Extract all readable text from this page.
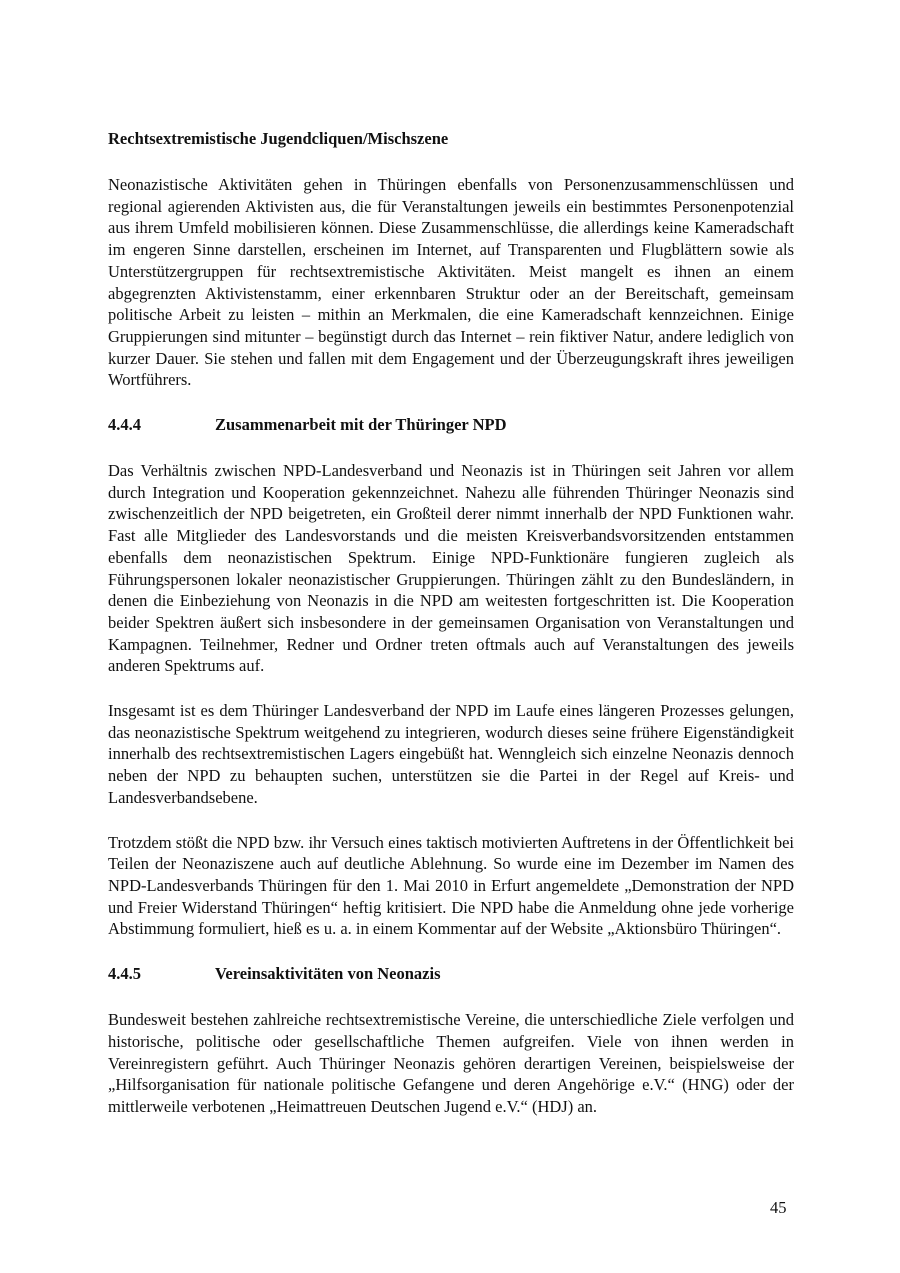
Rechtsextremistische Jugendcliquen/Mischszene

Neonazistische Aktivitäten gehen in Thüringen ebenfalls von Personenzusammenschlüssen und regional agierenden Aktivisten aus, die für Veranstaltungen jeweils ein bestimmtes Personenpotenzial aus ihrem Umfeld mobilisieren können. Diese Zusammenschlüsse, die allerdings keine Kameradschaft im engeren Sinne darstellen, erscheinen im Internet, auf Transparenten und Flugblättern sowie als Unterstützergruppen für rechtsextremistische Aktivitäten. Meist mangelt es ihnen an einem abgegrenzten Aktivistenstamm, einer erkennbaren Struktur oder an der Bereitschaft, gemeinsam politische Arbeit zu leisten – mithin an Merkmalen, die eine Kameradschaft kennzeichnen. Einige Gruppierungen sind mitunter – begünstigt durch das Internet – rein fiktiver Natur, andere lediglich von kurzer Dauer. Sie stehen und fallen mit dem Engagement und der Überzeugungskraft ihres jeweiligen Wortführers.

4.4.4	Zusammenarbeit mit der Thüringer NPD

Das Verhältnis zwischen NPD-Landesverband und Neonazis ist in Thüringen seit Jahren vor allem durch Integration und Kooperation gekennzeichnet. Nahezu alle führenden Thüringer Neonazis sind zwischenzeitlich der NPD beigetreten, ein Großteil derer nimmt innerhalb der NPD Funktionen wahr. Fast alle Mitglieder des Landesvorstands und die meisten Kreisverbandsvorsitzenden entstammen ebenfalls dem neonazistischen Spektrum. Einige NPD-Funktionäre fungieren zugleich als Führungspersonen lokaler neonazistischer Gruppierungen. Thüringen zählt zu den Bundesländern, in denen die Einbeziehung von Neonazis in die NPD am weitesten fortgeschritten ist. Die Kooperation beider Spektren äußert sich insbesondere in der gemeinsamen Organisation von Veranstaltungen und Kampagnen. Teilnehmer, Redner und Ordner treten oftmals auch auf Veranstaltungen des jeweils anderen Spektrums auf.

Insgesamt ist es dem Thüringer Landesverband der NPD im Laufe eines längeren Prozesses gelungen, das neonazistische Spektrum weitgehend zu integrieren, wodurch dieses seine frühere Eigenständigkeit innerhalb des rechtsextremistischen Lagers eingebüßt hat. Wenngleich sich einzelne Neonazis dennoch neben der NPD zu behaupten suchen, unterstützen sie die Partei in der Regel auf Kreis- und Landesverbandsebene.

Trotzdem stößt die NPD bzw. ihr Versuch eines taktisch motivierten Auftretens in der Öffentlichkeit bei Teilen der Neonaziszene auch auf deutliche Ablehnung. So wurde eine im Dezember im Namen des NPD-Landesverbands Thüringen für den 1. Mai 2010 in Erfurt angemeldete „Demonstration der NPD und Freier Widerstand Thüringen“ heftig kritisiert. Die NPD habe die Anmeldung ohne jede vorherige Abstimmung formuliert, hieß es u. a. in einem Kommentar auf der Website „Aktionsbüro Thüringen“.

4.4.5	Vereinsaktivitäten von Neonazis

Bundesweit bestehen zahlreiche rechtsextremistische Vereine, die unterschiedliche Ziele verfolgen und historische, politische oder gesellschaftliche Themen aufgreifen. Viele von ihnen werden in Vereinregistern geführt. Auch Thüringer Neonazis gehören derartigen Vereinen, beispielsweise der „Hilfsorganisation für nationale politische Gefangene und deren Angehörige e.V.“ (HNG) oder der mittlerweile verbotenen „Heimattreuen Deutschen Jugend e.V.“ (HDJ) an.

45
